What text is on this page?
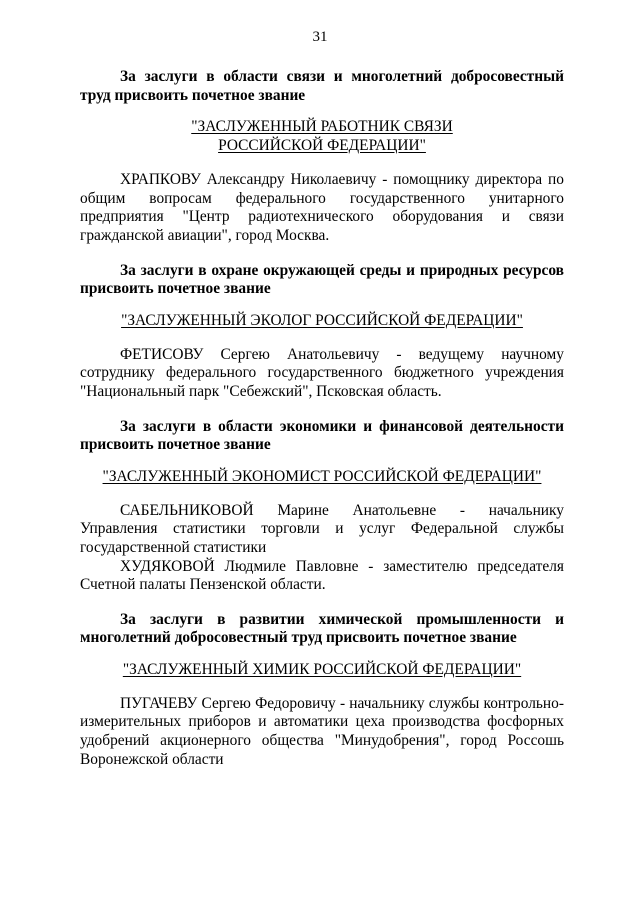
31

За заслуги в области связи и многолетний добросовестный труд присвоить почетное звание

"ЗАСЛУЖЕННЫЙ РАБОТНИК СВЯЗИ
РОССИЙСКОЙ ФЕДЕРАЦИИ"

ХРАПКОВУ Александру Николаевичу - помощнику директора по общим вопросам федерального государственного унитарного предприятия "Центр радиотехнического оборудования и связи гражданской авиации", город Москва.

За заслуги в охране окружающей среды и природных ресурсов присвоить почетное звание

"ЗАСЛУЖЕННЫЙ ЭКОЛОГ РОССИЙСКОЙ ФЕДЕРАЦИИ"

ФЕТИСОВУ Сергею Анатольевичу - ведущему научному сотруднику федерального государственного бюджетного учреждения "Национальный парк "Себежский", Псковская область.

За заслуги в области экономики и финансовой деятельности присвоить почетное звание

"ЗАСЛУЖЕННЫЙ ЭКОНОМИСТ РОССИЙСКОЙ ФЕДЕРАЦИИ"

САБЕЛЬНИКОВОЙ Марине Анатольевне - начальнику Управления статистики торговли и услуг Федеральной службы государственной статистики

ХУДЯКОВОЙ Людмиле Павловне - заместителю председателя Счетной палаты Пензенской области.

За заслуги в развитии химической промышленности и многолетний добросовестный труд присвоить почетное звание

"ЗАСЛУЖЕННЫЙ ХИМИК РОССИЙСКОЙ ФЕДЕРАЦИИ"

ПУГАЧЕВУ Сергею Федоровичу - начальнику службы контрольно-измерительных приборов и автоматики цеха производства фосфорных удобрений акционерного общества "Минудобрения", город Россошь Воронежской области
